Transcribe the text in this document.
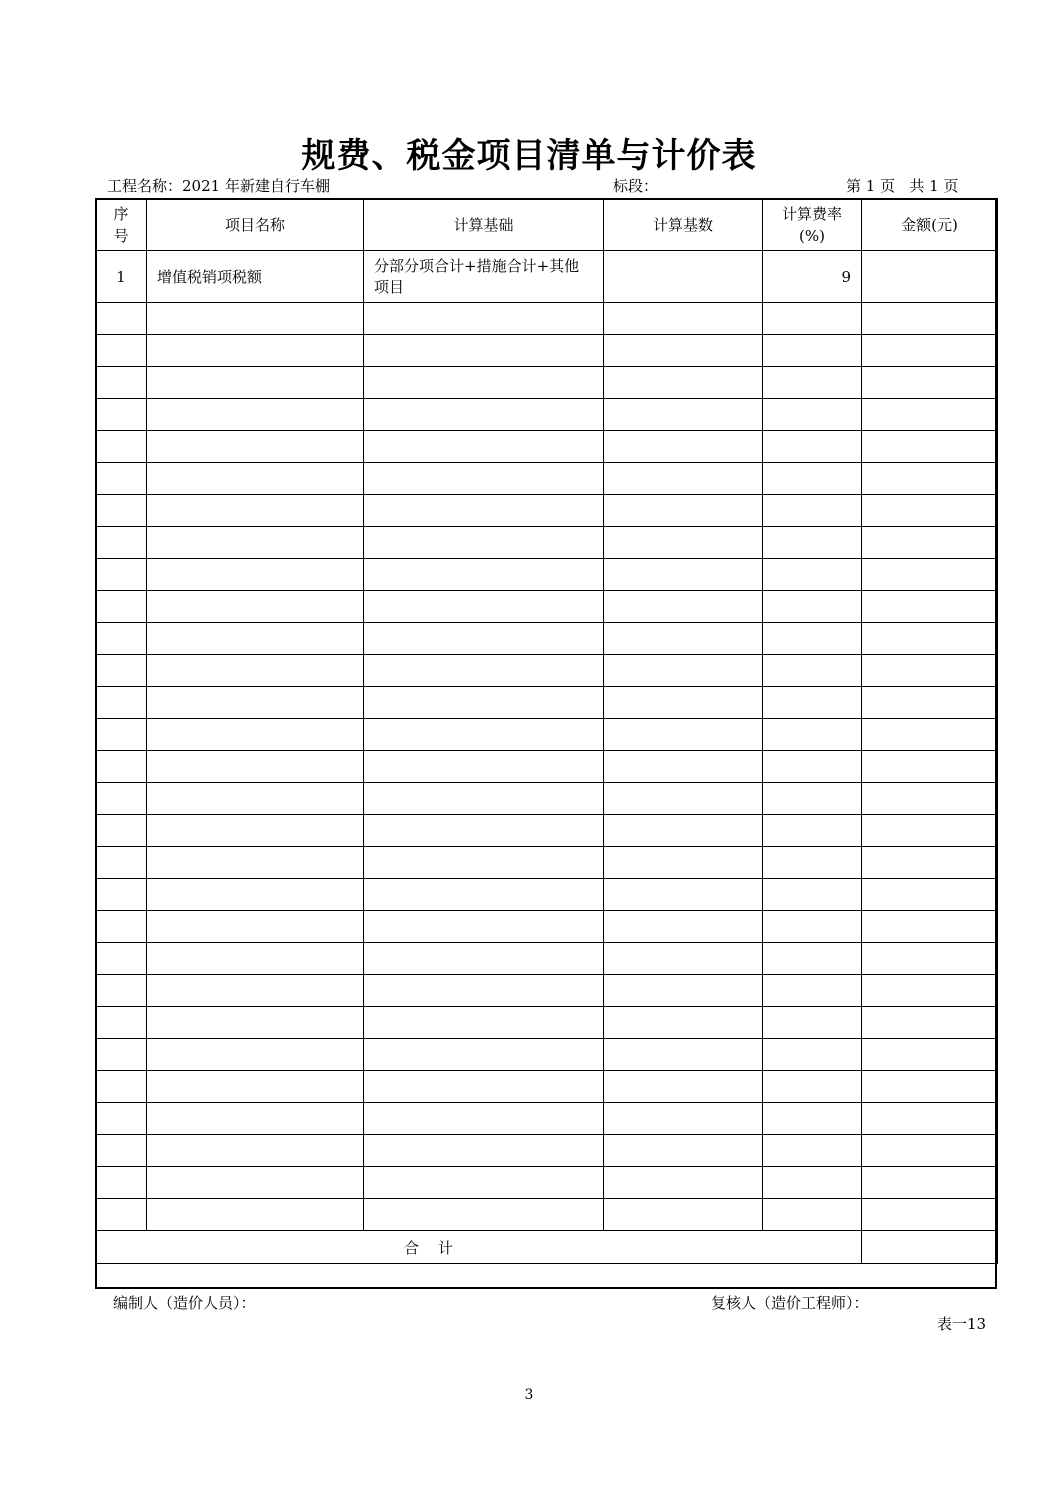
规费、税金项目清单与计价表
工程名称：2021 年新建自行车棚	标段：	第 1 页   共 1 页
序号	项目名称	计算基础	计算基数	计算费率(%)	金额(元)
1	增值税销项税额	分部分项合计+措施合计+其他项目		9	

合    计					
编制人（造价人员）：	复核人（造价工程师）：
表一13
3
